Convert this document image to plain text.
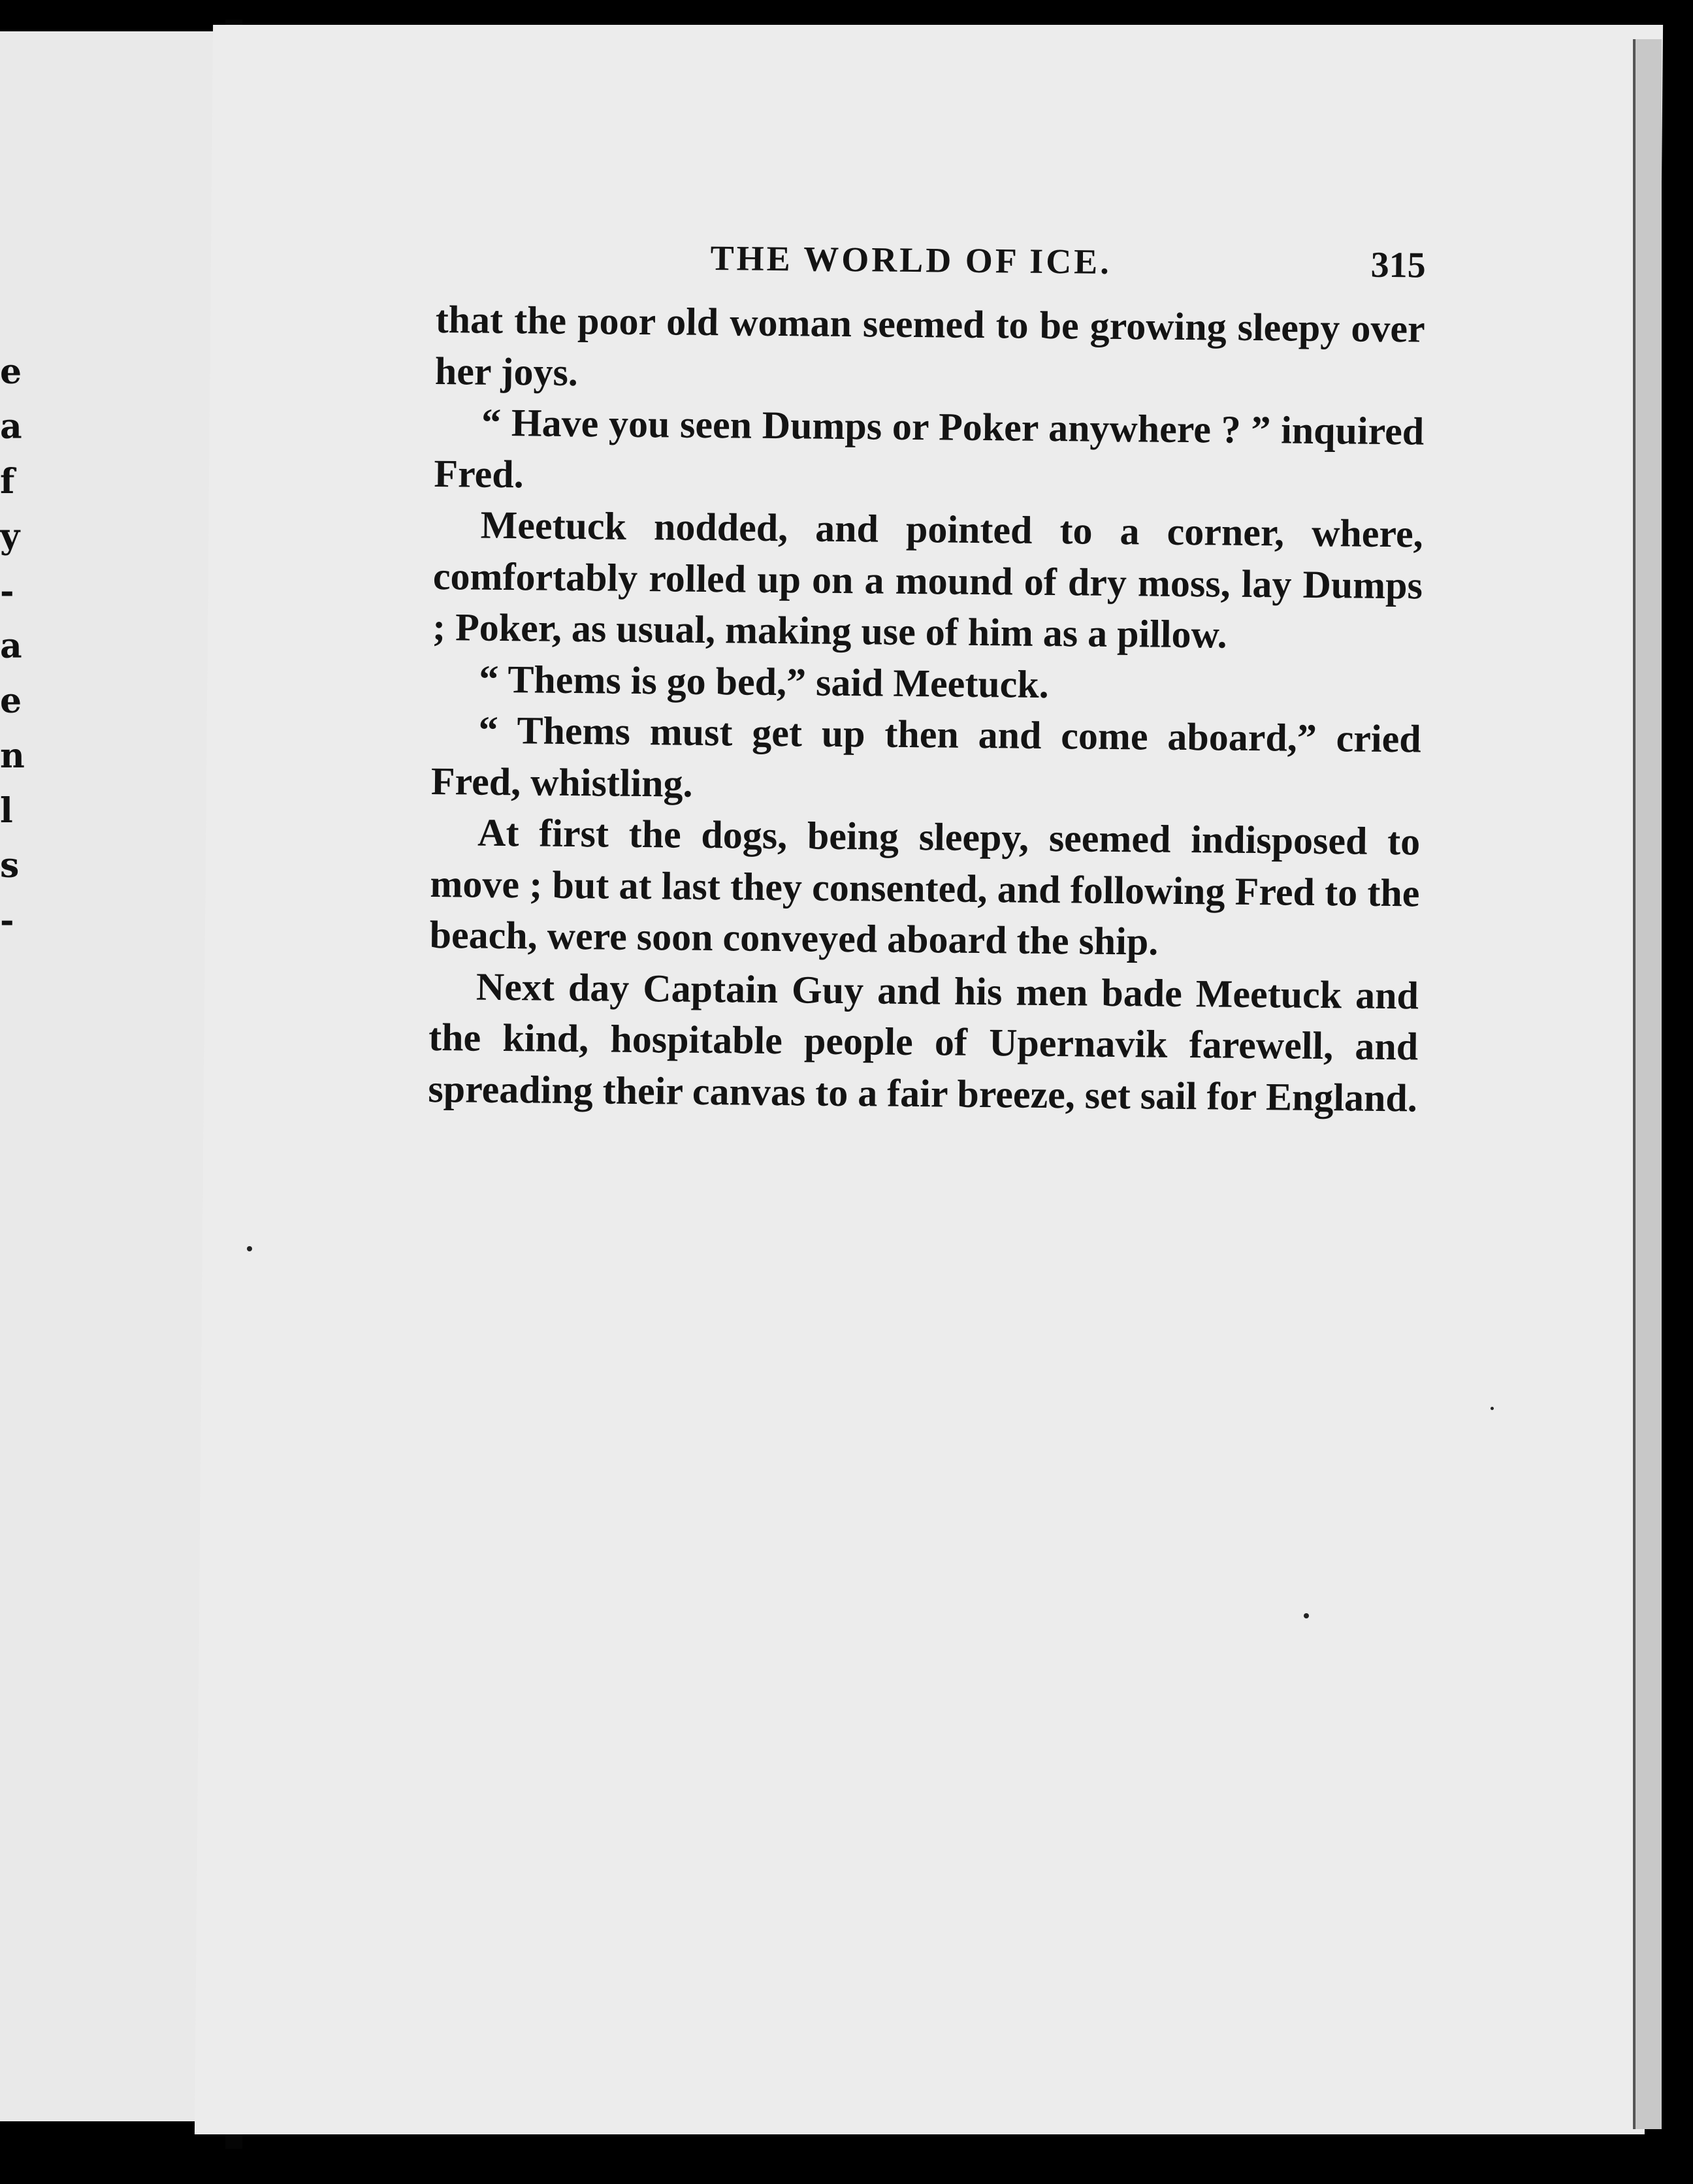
e
a
f
y
-
a
e
n
l
s
-
THE WORLD OF ICE.	315

that the poor old woman seemed to be growing sleepy over her joys.

“ Have you seen Dumps or Poker anywhere ? ” inquired Fred.

Meetuck nodded, and pointed to a corner, where, comfortably rolled up on a mound of dry moss, lay Dumps ; Poker, as usual, making use of him as a pillow.

“ Thems is go bed,” said Meetuck.

“ Thems must get up then and come aboard,” cried Fred, whistling.

At first the dogs, being sleepy, seemed indisposed to move ; but at last they consented, and following Fred to the beach, were soon conveyed aboard the ship.

Next day Captain Guy and his men bade Meetuck and the kind, hospitable people of Upernavik farewell, and spreading their canvas to a fair breeze, set sail for England.
